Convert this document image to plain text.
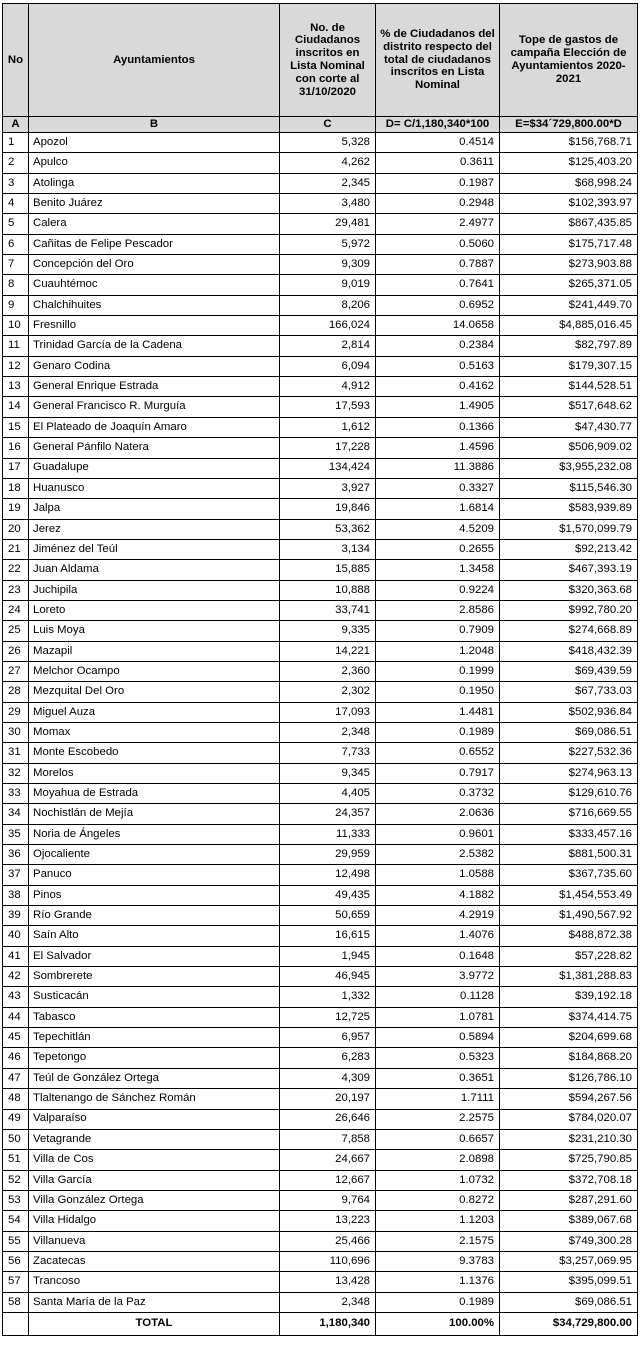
No	Ayuntamientos	No. de Ciudadanos inscritos en Lista Nominal con corte al 31/10/2020	% de Ciudadanos del distrito respecto del total de ciudadanos inscritos en Lista Nominal	Tope de gastos de campaña Elección de Ayuntamientos 2020-2021
A	B	C	D= C/1,180,340*100	E=$34´729,800.00*D
1	Apozol	5,328	0.4514	$156,768.71
2	Apulco	4,262	0.3611	$125,403.20
3	Atolinga	2,345	0.1987	$68,998.24
4	Benito Juárez	3,480	0.2948	$102,393.97
5	Calera	29,481	2.4977	$867,435.85
6	Cañitas de Felipe Pescador	5,972	0.5060	$175,717.48
7	Concepción del Oro	9,309	0.7887	$273,903.88
8	Cuauhtémoc	9,019	0.7641	$265,371.05
9	Chalchihuites	8,206	0.6952	$241,449.70
10	Fresnillo	166,024	14.0658	$4,885,016.45
11	Trinidad García de la Cadena	2,814	0.2384	$82,797.89
12	Genaro Codina	6,094	0.5163	$179,307.15
13	General Enrique Estrada	4,912	0.4162	$144,528.51
14	General Francisco R. Murguía	17,593	1.4905	$517,648.62
15	El Plateado de Joaquín Amaro	1,612	0.1366	$47,430.77
16	General Pánfilo Natera	17,228	1.4596	$506,909.02
17	Guadalupe	134,424	11.3886	$3,955,232.08
18	Huanusco	3,927	0.3327	$115,546.30
19	Jalpa	19,846	1.6814	$583,939.89
20	Jerez	53,362	4.5209	$1,570,099.79
21	Jiménez del Teúl	3,134	0.2655	$92,213.42
22	Juan Aldama	15,885	1.3458	$467,393.19
23	Juchipila	10,888	0.9224	$320,363.68
24	Loreto	33,741	2.8586	$992,780.20
25	Luis Moya	9,335	0.7909	$274,668.89
26	Mazapil	14,221	1.2048	$418,432.39
27	Melchor Ocampo	2,360	0.1999	$69,439.59
28	Mezquital Del Oro	2,302	0.1950	$67,733.03
29	Miguel Auza	17,093	1.4481	$502,936.84
30	Momax	2,348	0.1989	$69,086.51
31	Monte Escobedo	7,733	0.6552	$227,532.36
32	Morelos	9,345	0.7917	$274,963.13
33	Moyahua de Estrada	4,405	0.3732	$129,610.76
34	Nochistlán de Mejía	24,357	2.0636	$716,669.55
35	Noria de Ángeles	11,333	0.9601	$333,457.16
36	Ojocaliente	29,959	2.5382	$881,500.31
37	Panuco	12,498	1.0588	$367,735.60
38	Pinos	49,435	4.1882	$1,454,553.49
39	Río Grande	50,659	4.2919	$1,490,567.92
40	Saín Alto	16,615	1.4076	$488,872.38
41	El Salvador	1,945	0.1648	$57,228.82
42	Sombrerete	46,945	3.9772	$1,381,288.83
43	Susticacán	1,332	0.1128	$39,192.18
44	Tabasco	12,725	1.0781	$374,414.75
45	Tepechitlán	6,957	0.5894	$204,699.68
46	Tepetongo	6,283	0.5323	$184,868.20
47	Teúl de González Ortega	4,309	0.3651	$126,786.10
48	Tlaltenango de Sánchez Román	20,197	1.7111	$594,267.56
49	Valparaíso	26,646	2.2575	$784,020.07
50	Vetagrande	7,858	0.6657	$231,210.30
51	Villa de Cos	24,667	2.0898	$725,790.85
52	Villa García	12,667	1.0732	$372,708.18
53	Villa González Ortega	9,764	0.8272	$287,291.60
54	Villa Hidalgo	13,223	1.1203	$389,067.68
55	Villanueva	25,466	2.1575	$749,300.28
56	Zacatecas	110,696	9.3783	$3,257,069.95
57	Trancoso	13,428	1.1376	$395,099.51
58	Santa María de la Paz	2,348	0.1989	$69,086.51
	TOTAL	1,180,340	100.00%	$34,729,800.00
